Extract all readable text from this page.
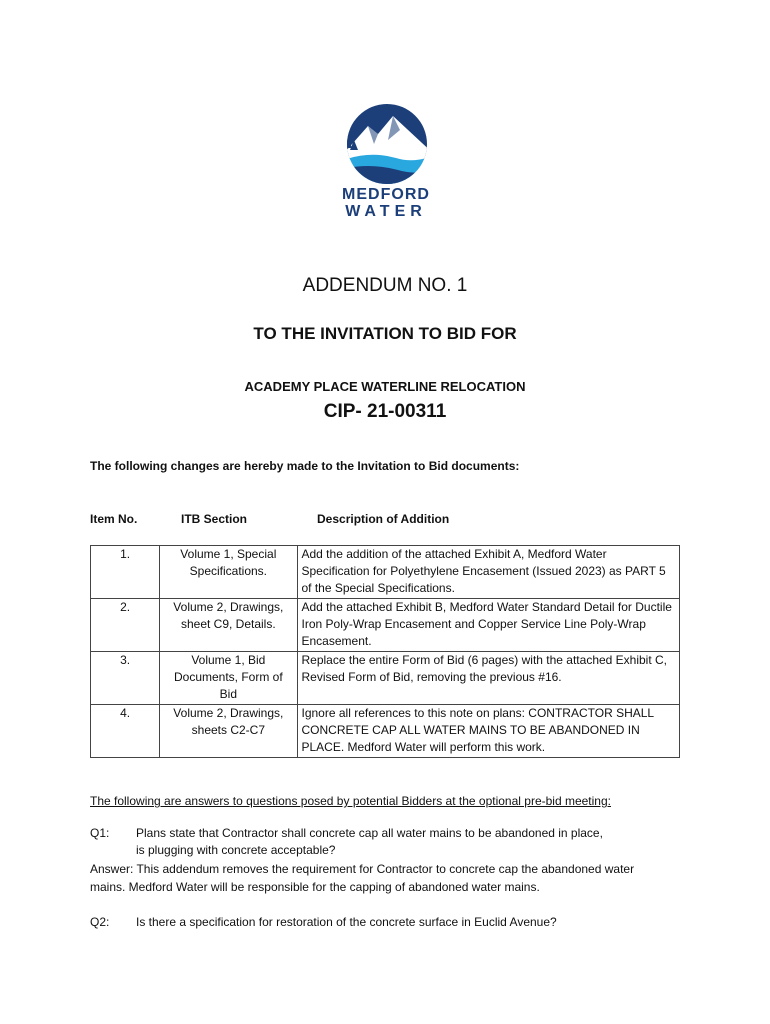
MEDFORD
WATER
ADDENDUM NO. 1
TO THE INVITATION TO BID FOR
ACADEMY PLACE WATERLINE RELOCATION
CIP- 21-00311
The following changes are hereby made to the Invitation to Bid documents:
Item No.	ITB Section	Description of Addition
1.	Volume 1, Special Specifications.	Add the addition of the attached Exhibit A, Medford Water Specification for Polyethylene Encasement (Issued 2023) as PART 5 of the Special Specifications.
2.	Volume 2, Drawings, sheet C9, Details.	Add the attached Exhibit B, Medford Water Standard Detail for Ductile Iron Poly-Wrap Encasement and Copper Service Line Poly-Wrap Encasement.
3.	Volume 1, Bid Documents, Form of Bid	Replace the entire Form of Bid (6 pages) with the attached Exhibit C, Revised Form of Bid, removing the previous #16.
4.	Volume 2, Drawings, sheets C2-C7	Ignore all references to this note on plans: CONTRACTOR SHALL CONCRETE CAP ALL WATER MAINS TO BE ABANDONED IN PLACE. Medford Water will perform this work.
The following are answers to questions posed by potential Bidders at the optional pre-bid meeting:
Q1: Plans state that Contractor shall concrete cap all water mains to be abandoned in place,
is plugging with concrete acceptable?
Answer: This addendum removes the requirement for Contractor to concrete cap the abandoned water
mains. Medford Water will be responsible for the capping of abandoned water mains.
Q2: Is there a specification for restoration of the concrete surface in Euclid Avenue?
